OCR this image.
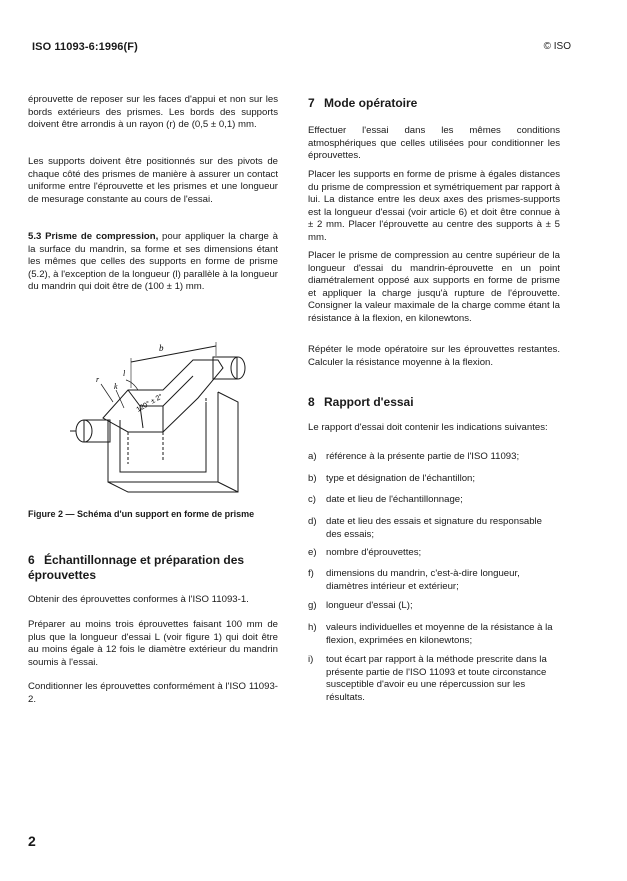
ISO 11093-6:1996(F)	© ISO

éprouvette de reposer sur les faces d'appui et non sur les bords extérieurs des prismes. Les bords des supports doivent être arrondis à un rayon (r) de (0,5 ± 0,1) mm.

Les supports doivent être positionnés sur des pivots de chaque côté des prismes de manière à assurer un contact uniforme entre l'éprouvette et les prismes et une longueur de mesurage constante au cours de l'essai.

5.3 Prisme de compression, pour appliquer la charge à la surface du mandrin, sa forme et ses dimensions étant les mêmes que celles des supports en forme de prisme (5.2), à l'exception de la longueur (l) parallèle à la longueur du mandrin qui doit être de (100 ± 1) mm.

b
r
k
l
120° ± 2°
Figure 2 — Schéma d'un support en forme de prisme
6 Échantillonnage et préparation des éprouvettes

Obtenir des éprouvettes conformes à l'ISO 11093-1.

Préparer au moins trois éprouvettes faisant 100 mm de plus que la longueur d'essai L (voir figure 1) qui doit être au moins égale à 12 fois le diamètre extérieur du mandrin soumis à l'essai.

Conditionner les éprouvettes conformément à l'ISO 11093-2.

7 Mode opératoire

Effectuer l'essai dans les mêmes conditions atmosphériques que celles utilisées pour conditionner les éprouvettes.

Placer les supports en forme de prisme à égales distances du prisme de compression et symétriquement par rapport à lui. La distance entre les deux axes des prismes-supports est la longueur d'essai (voir article 6) et doit être connue à ± 2 mm. Placer l'éprouvette au centre des supports à ± 5 mm.

Placer le prisme de compression au centre supérieur de la longueur d'essai du mandrin-éprouvette en un point diamétralement opposé aux supports en forme de prisme et appliquer la charge jusqu'à rupture de l'éprouvette. Consigner la valeur maximale de la charge comme étant la résistance à la flexion, en kilonewtons.

Répéter le mode opératoire sur les éprouvettes restantes. Calculer la résistance moyenne à la flexion.

8 Rapport d'essai

Le rapport d'essai doit contenir les indications suivantes:

a) référence à la présente partie de l'ISO 11093;
b) type et désignation de l'échantillon;
c)	date et lieu de l'échantillonnage;
d) date et lieu des essais et signature du responsable des essais;
e) nombre d'éprouvettes;
f)	dimensions du mandrin, c'est-à-dire longueur, diamètres intérieur et extérieur;
g) longueur d'essai (L);
h) valeurs individuelles et moyenne de la résistance à la flexion, exprimées en kilonewtons;
i)	tout écart par rapport à la méthode prescrite dans la présente partie de l'ISO 11093 et toute circonstance susceptible d'avoir eu une répercussion sur les résultats.
2
